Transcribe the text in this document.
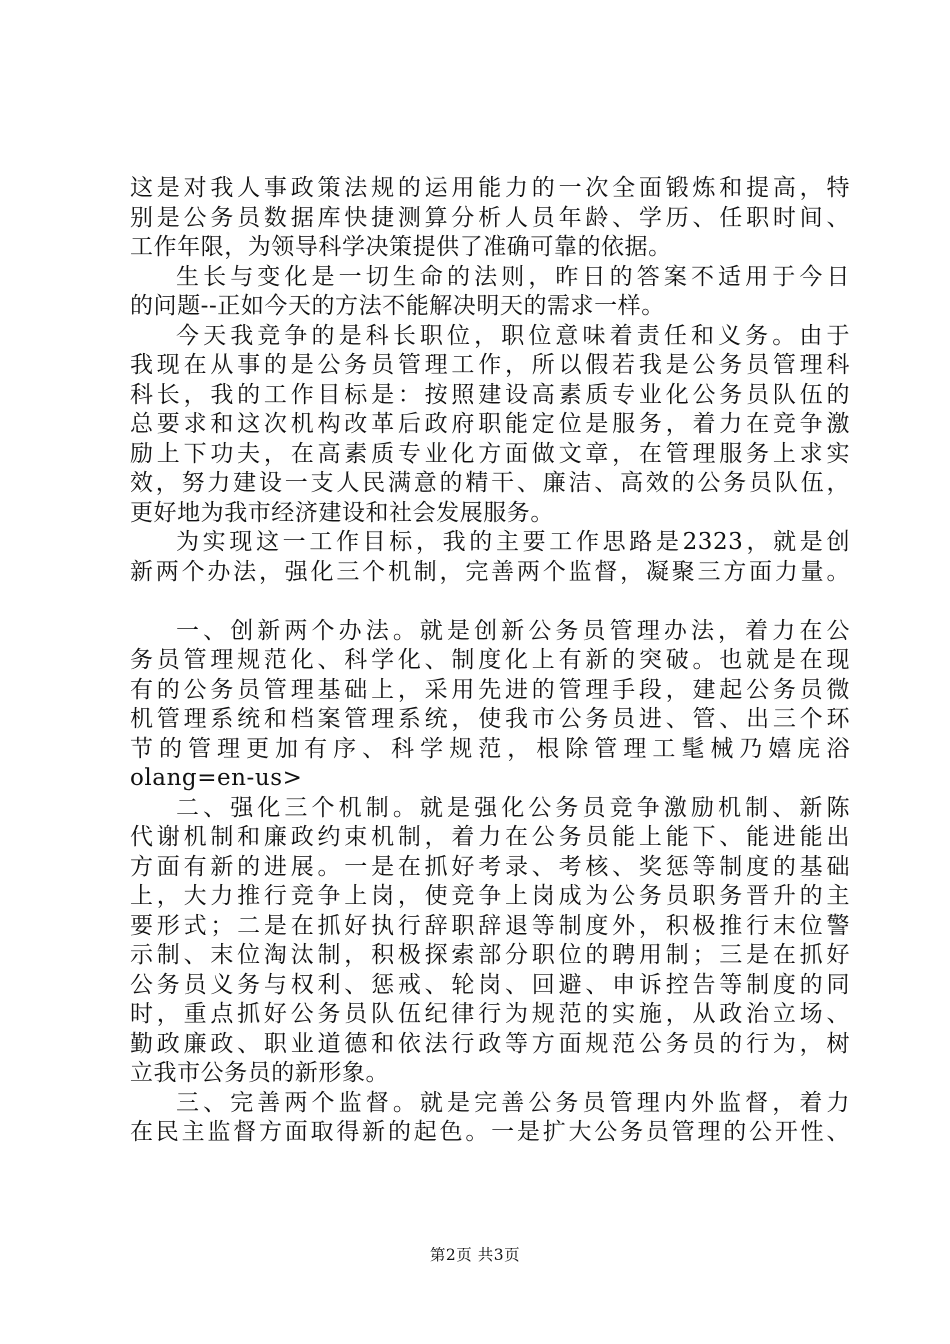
这是对我人事政策法规的运用能力的一次全面锻炼和提高，特
别是公务员数据库快捷测算分析人员年龄、学历、任职时间、
工作年限，为领导科学决策提供了准确可靠的依据。
生长与变化是一切生命的法则，昨日的答案不适用于今日
的问题--正如今天的方法不能解决明天的需求一样。
今天我竞争的是科长职位，职位意味着责任和义务。由于
我现在从事的是公务员管理工作，所以假若我是公务员管理科
科长，我的工作目标是：按照建设高素质专业化公务员队伍的
总要求和这次机构改革后政府职能定位是服务，着力在竞争激
励上下功夫，在高素质专业化方面做文章，在管理服务上求实
效，努力建设一支人民满意的精干、廉洁、高效的公务员队伍，
更好地为我市经济建设和社会发展服务。
为实现这一工作目标，我的主要工作思路是2323，就是创
新两个办法，强化三个机制，完善两个监督，凝聚三方面力量。
一、创新两个办法。就是创新公务员管理办法，着力在公
务员管理规范化、科学化、制度化上有新的突破。也就是在现
有的公务员管理基础上，采用先进的管理手段，建起公务员微
机管理系统和档案管理系统，使我市公务员进、管、出三个环
节的管理更加有序、科学规范，根除管理工髦械乃嬉庑浴
olang=en-us>
二、强化三个机制。就是强化公务员竞争激励机制、新陈
代谢机制和廉政约束机制，着力在公务员能上能下、能进能出
方面有新的进展。一是在抓好考录、考核、奖惩等制度的基础
上，大力推行竞争上岗，使竞争上岗成为公务员职务晋升的主
要形式；二是在抓好执行辞职辞退等制度外，积极推行末位警
示制、末位淘汰制，积极探索部分职位的聘用制；三是在抓好
公务员义务与权利、惩戒、轮岗、回避、申诉控告等制度的同
时，重点抓好公务员队伍纪律行为规范的实施，从政治立场、
勤政廉政、职业道德和依法行政等方面规范公务员的行为，树
立我市公务员的新形象。
三、完善两个监督。就是完善公务员管理内外监督，着力
在民主监督方面取得新的起色。一是扩大公务员管理的公开性、
第2页 共3页
